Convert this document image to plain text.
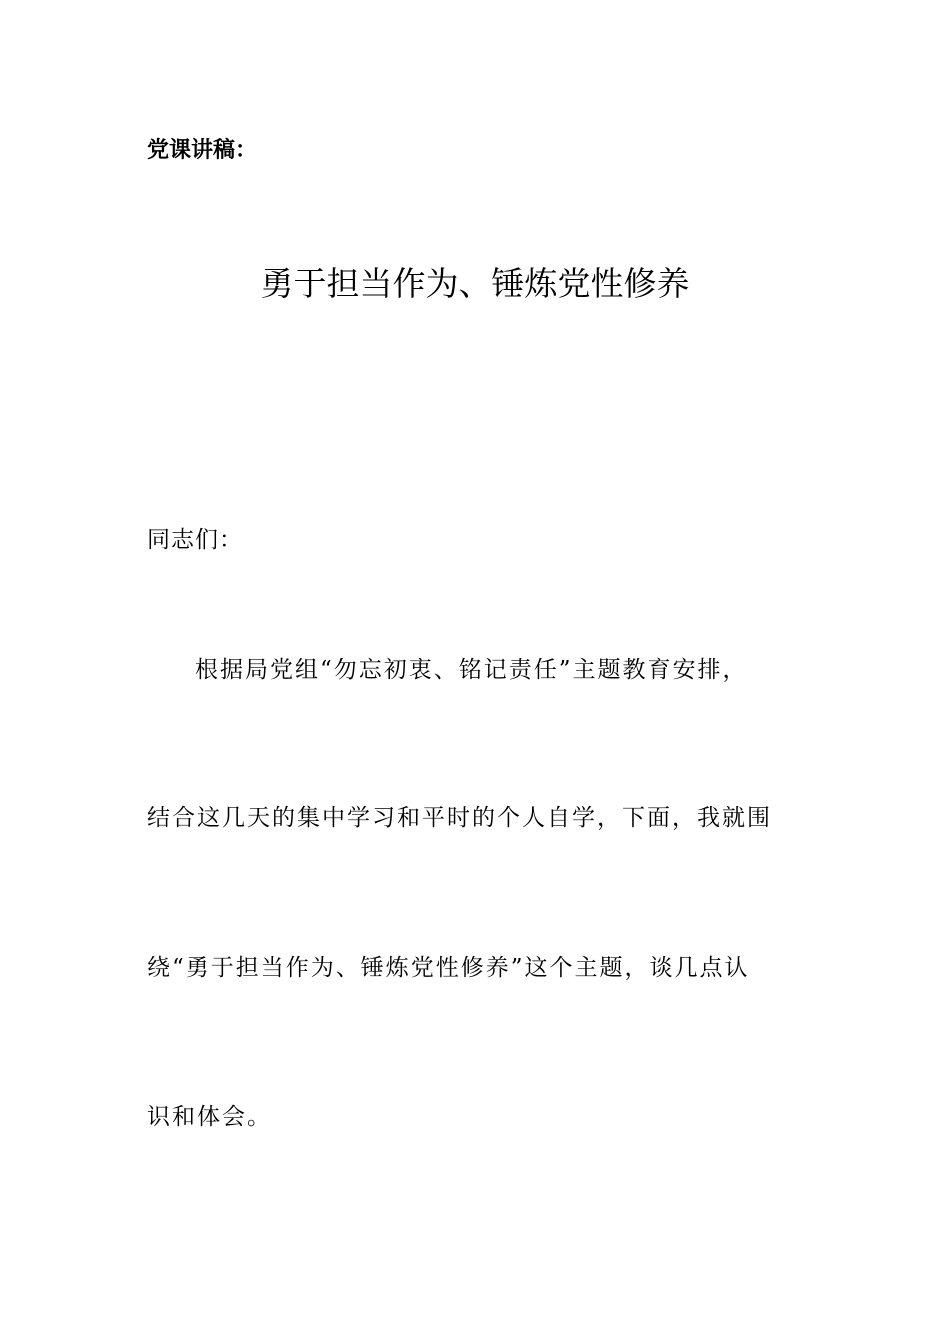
党课讲稿：
勇于担当作为、锤炼党性修养
同志们：
根据局党组“勿忘初衷、铭记责任”主题教育安排，
结合这几天的集中学习和平时的个人自学，下面，我就围
绕“勇于担当作为、锤炼党性修养”这个主题，谈几点认
识和体会。
